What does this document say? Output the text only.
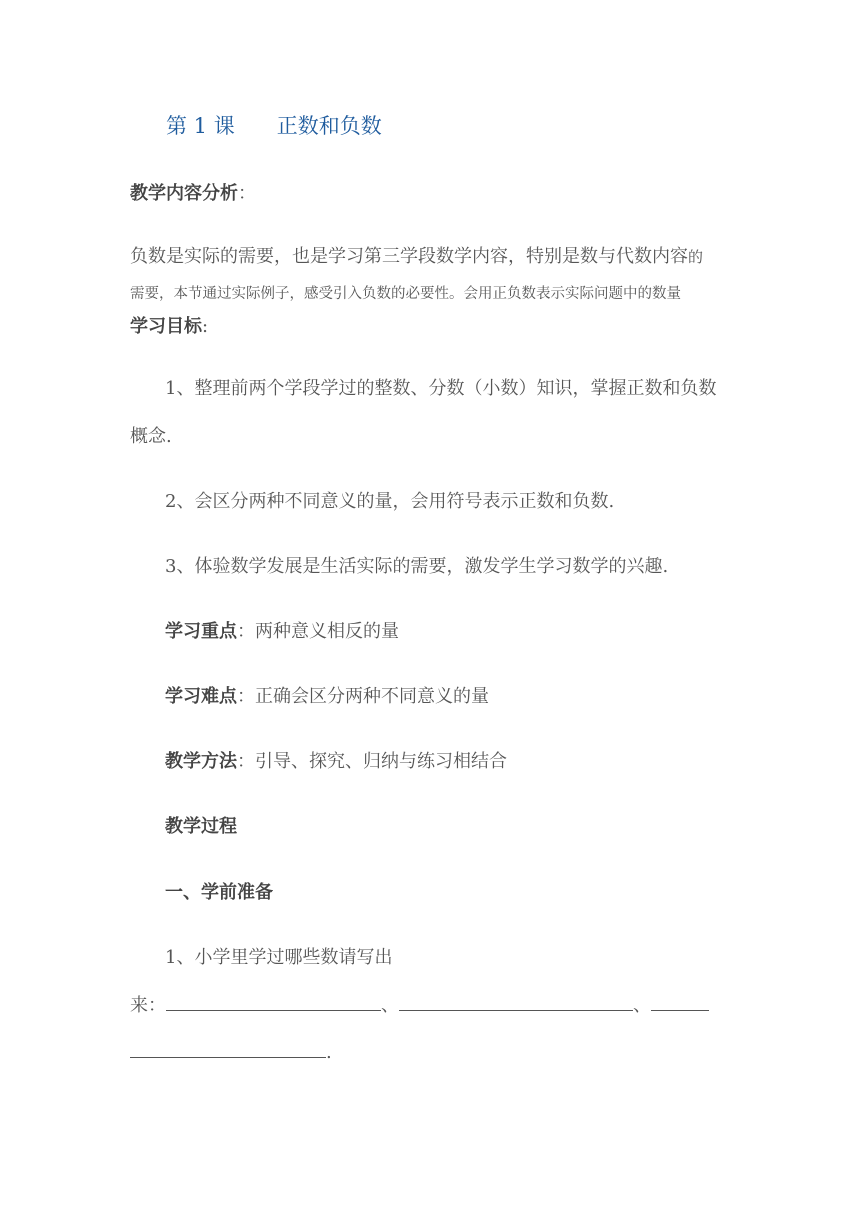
第 1 课 正数和负数
教学内容分析：
负数是实际的需要，也是学习第三学段数学内容，特别是数与代数内容的
需要，本节通过实际例子，感受引入负数的必要性。会用正负数表示实际问题中的数量
学习目标:
1、整理前两个学段学过的整数、分数（小数）知识，掌握正数和负数
概念.
2、会区分两种不同意义的量，会用符号表示正数和负数.
3、体验数学发展是生活实际的需要，激发学生学习数学的兴趣.
学习重点：两种意义相反的量
学习难点：正确会区分两种不同意义的量
教学方法：引导、探究、归纳与练习相结合
教学过程
一、学前准备
1、小学里学过哪些数请写出
来：	、	、
.
